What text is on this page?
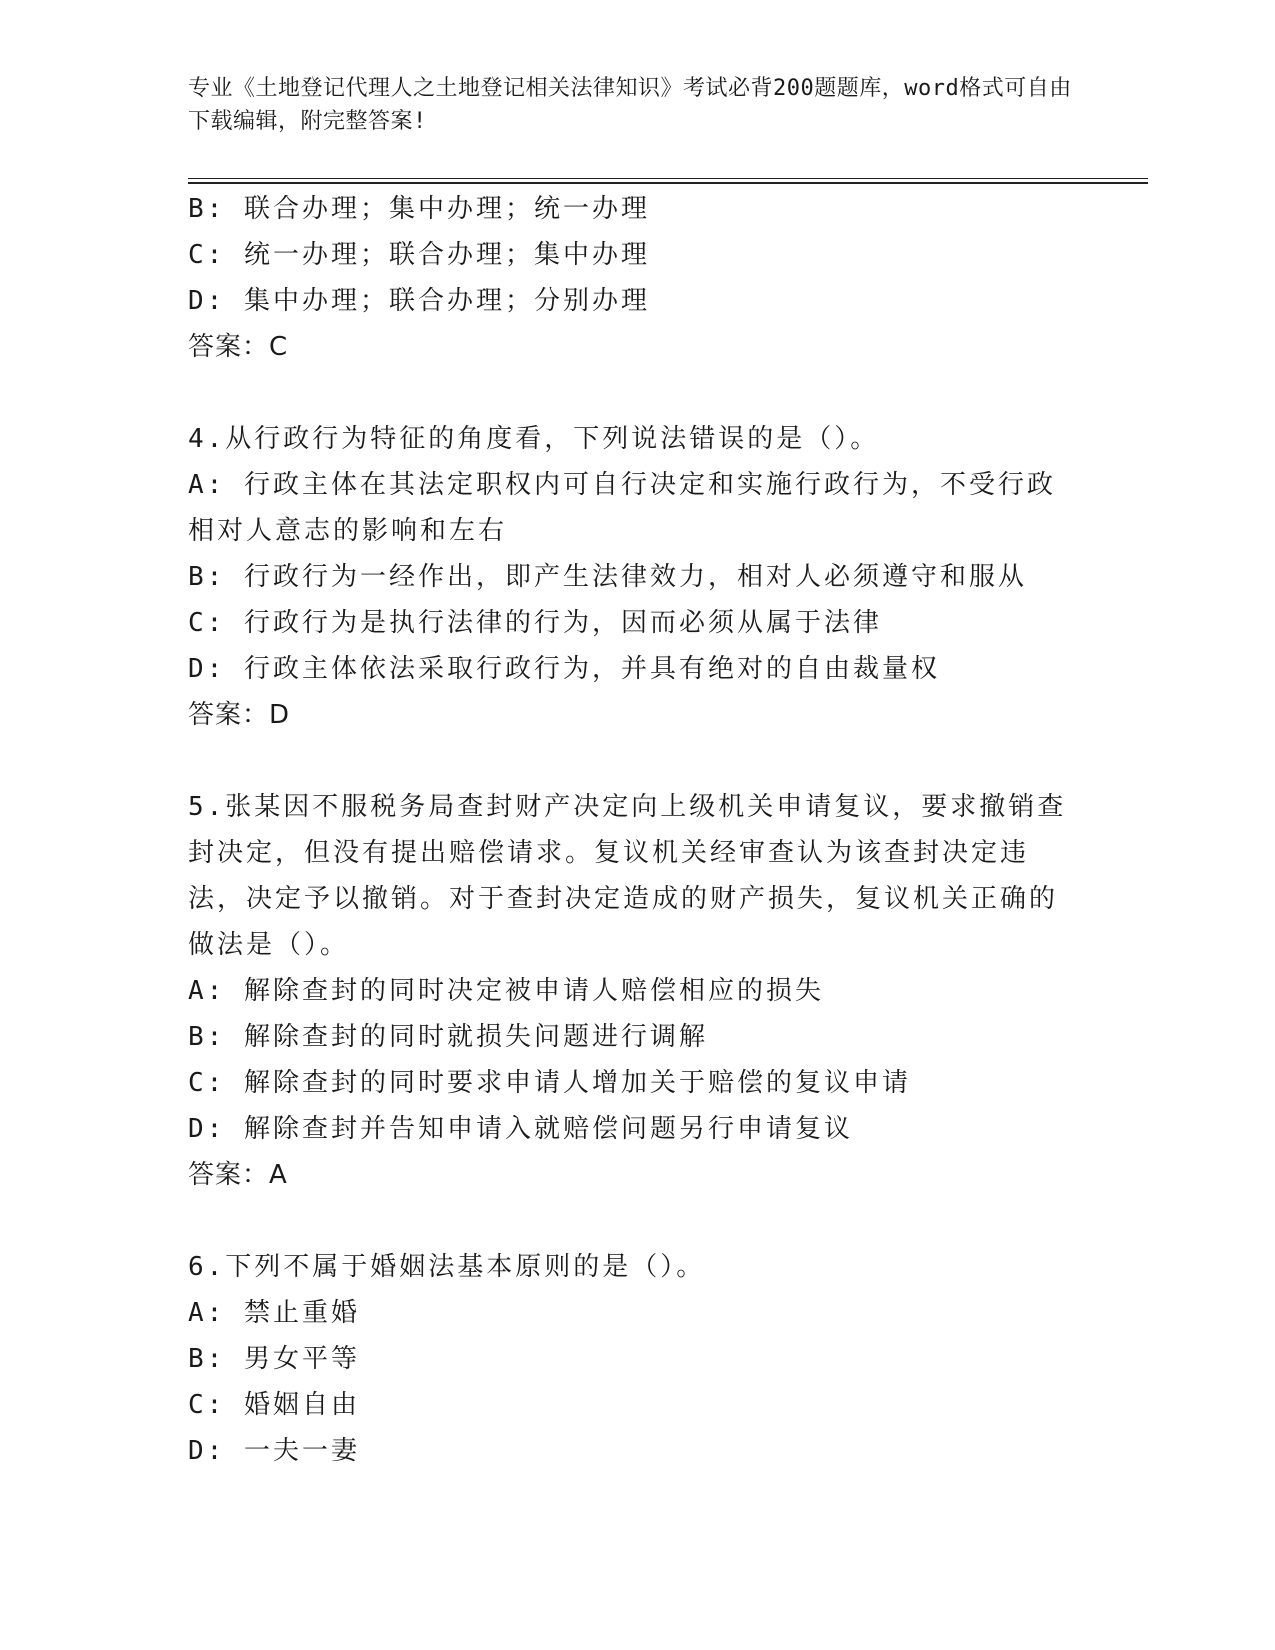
专业《土地登记代理人之土地登记相关法律知识》考试必背200题题库，word格式可自由下载编辑，附完整答案!
B: 联合办理；集中办理；统一办理
C: 统一办理；联合办理；集中办理
D: 集中办理；联合办理；分别办理
答案：C
4.从行政行为特征的角度看，下列说法错误的是（）。
A: 行政主体在其法定职权内可自行决定和实施行政行为，不受行政相对人意志的影响和左右
B: 行政行为一经作出，即产生法律效力，相对人必须遵守和服从
C: 行政行为是执行法律的行为，因而必须从属于法律
D: 行政主体依法采取行政行为，并具有绝对的自由裁量权
答案：D
5.张某因不服税务局查封财产决定向上级机关申请复议，要求撤销查封决定，但没有提出赔偿请求。复议机关经审查认为该查封决定违法，决定予以撤销。对于查封决定造成的财产损失，复议机关正确的做法是（）。
A: 解除查封的同时决定被申请人赔偿相应的损失
B: 解除查封的同时就损失问题进行调解
C: 解除查封的同时要求申请人增加关于赔偿的复议申请
D: 解除查封并告知申请入就赔偿问题另行申请复议
答案：A
6.下列不属于婚姻法基本原则的是（）。
A: 禁止重婚
B: 男女平等
C: 婚姻自由
D: 一夫一妻
